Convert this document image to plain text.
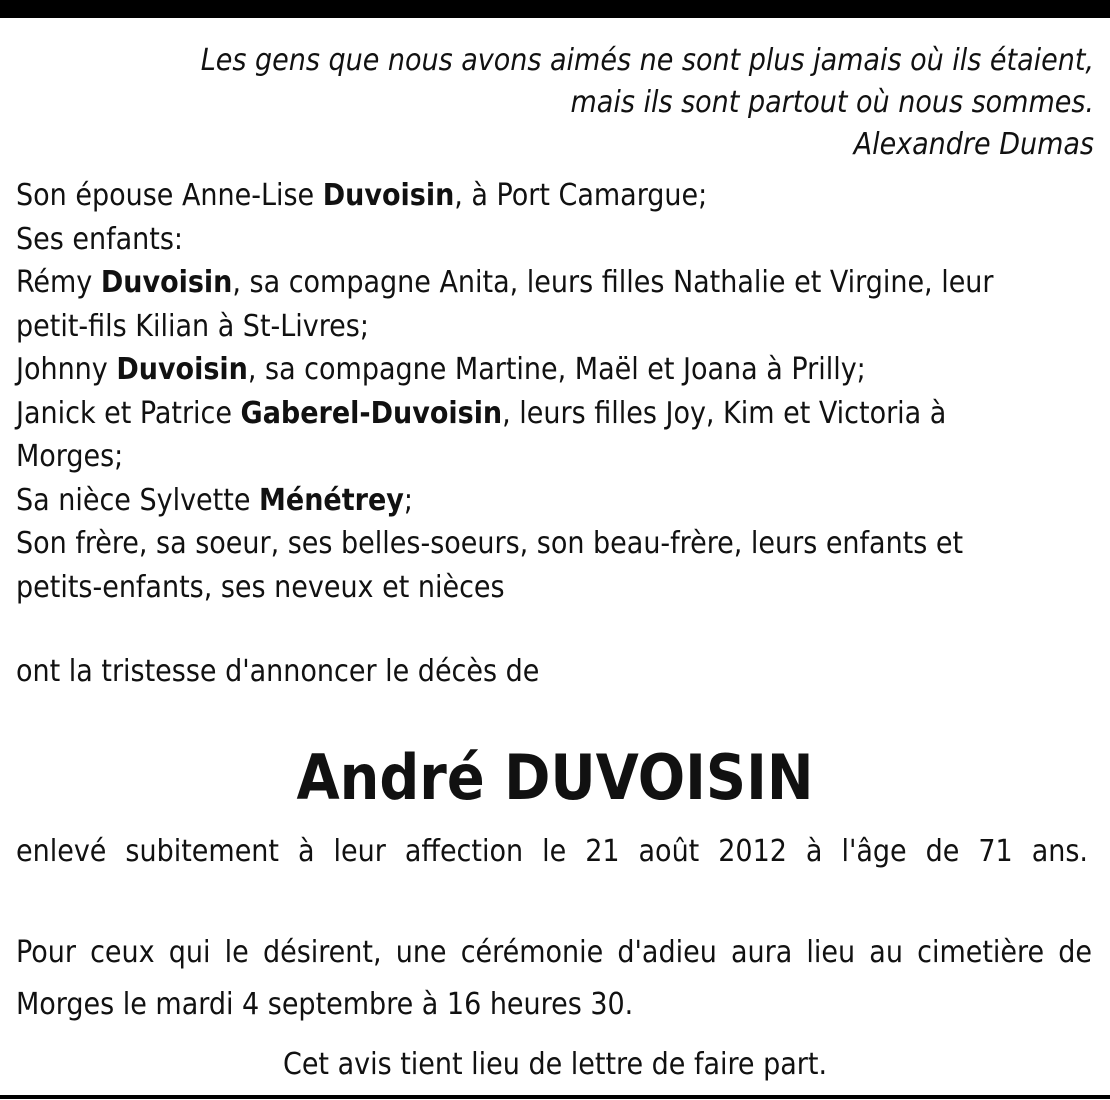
Les gens que nous avons aimés ne sont plus jamais où ils étaient,
mais ils sont partout où nous sommes.
Alexandre Dumas
Son épouse Anne-Lise Duvoisin, à Port Camargue;
Ses enfants:
Rémy Duvoisin, sa compagne Anita, leurs filles Nathalie et Virgine, leur
petit-fils Kilian à St-Livres;
Johnny Duvoisin, sa compagne Martine, Maël et Joana à Prilly;
Janick et Patrice Gaberel-Duvoisin, leurs filles Joy, Kim et Victoria à
Morges;
Sa nièce Sylvette Ménétrey;
Son frère, sa soeur, ses belles-soeurs, son beau-frère, leurs enfants et
petits-enfants, ses neveux et nièces
ont la tristesse d'annoncer le décès de
André DUVOISIN
enlevé subitement à leur affection le 21 août 2012 à l'âge de 71 ans.
Pour ceux qui le désirent, une cérémonie d'adieu aura lieu au cimetière de Morges le mardi 4 septembre à 16 heures 30.
Cet avis tient lieu de lettre de faire part.
